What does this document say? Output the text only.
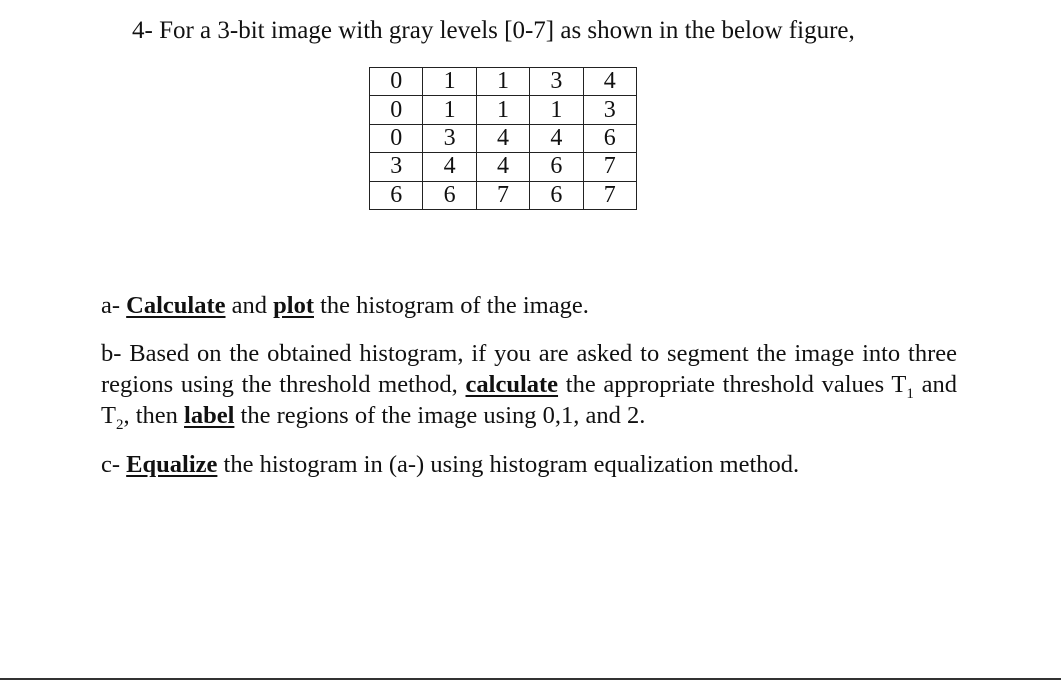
4- For a 3-bit image with gray levels [0-7] as shown in the below figure,
0	1	1	3	4
0	1	1	1	3
0	3	4	4	6
3	4	4	6	7
6	6	7	6	7

a- Calculate and plot the histogram of the image.

b- Based on the obtained histogram, if you are asked to segment the image into three regions using the threshold method, calculate the appropriate threshold values $T_1$ and $T_2$, then label the regions of the image using 0,1, and 2.

c- Equalize the histogram in (a-) using histogram equalization method.
